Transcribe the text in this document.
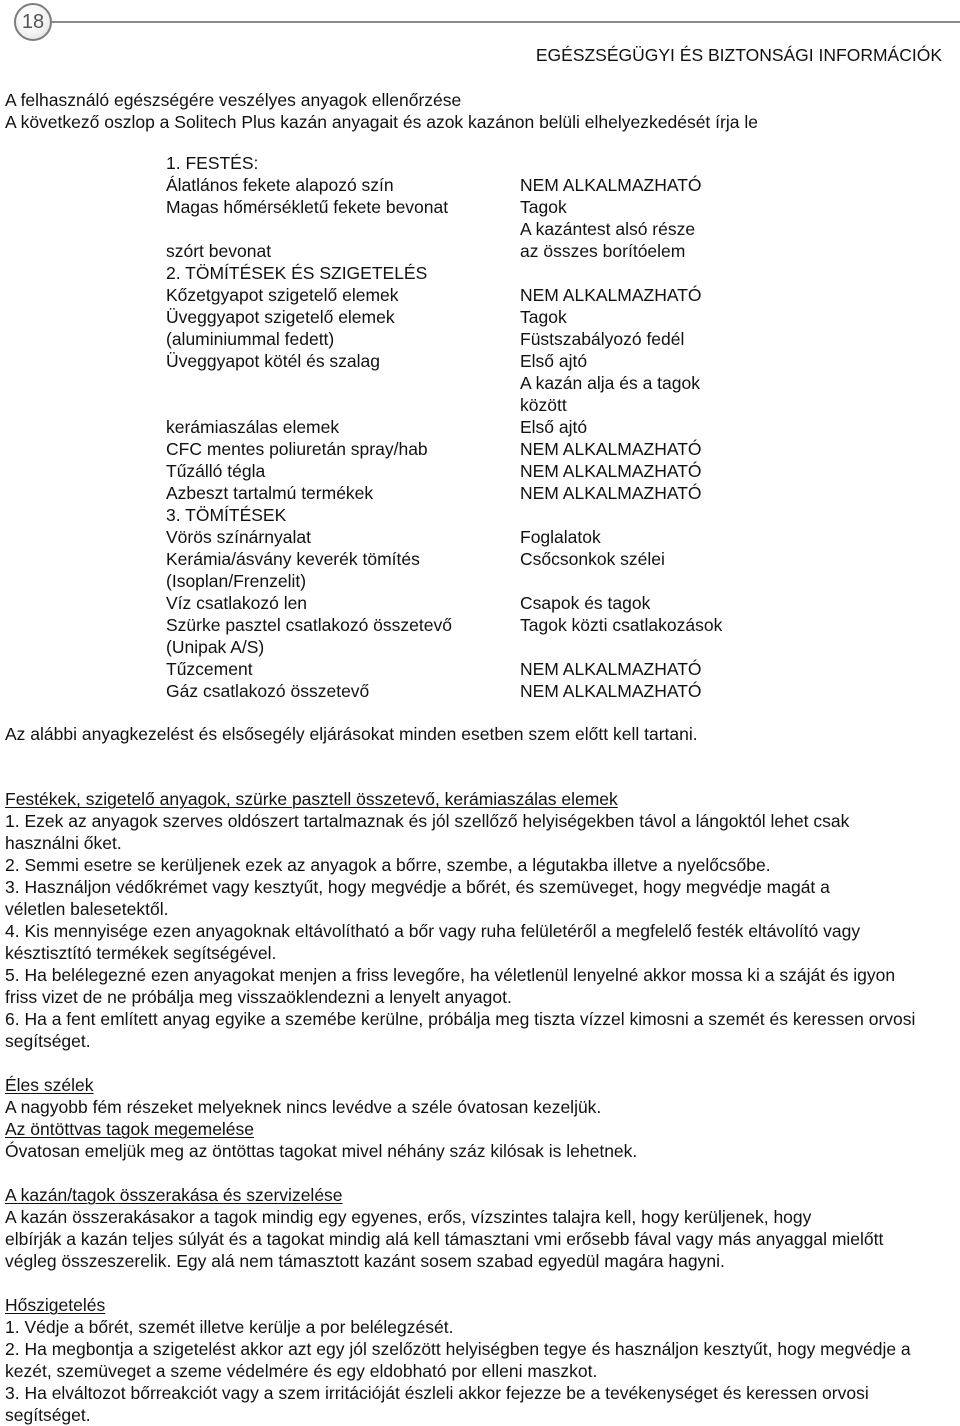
18
EGÉSZSÉGÜGYI ÉS BIZTONSÁGI INFORMÁCIÓK
A felhasználó egészségére veszélyes anyagok ellenőrzése
A következő oszlop a Solitech Plus kazán anyagait és azok kazánon belüli elhelyezkedését írja le
1. FESTÉS:
Álatlános fekete alapozó szín	NEM ALKALMAZHATÓ
Magas hőmérsékletű fekete bevonat	Tagok
A kazántest alsó része
szórt bevonat	az összes borítóelem
2. TÖMÍTÉSEK ÉS SZIGETELÉS
Kőzetgyapot szigetelő elemek	NEM ALKALMAZHATÓ
Üveggyapot szigetelő elemek	Tagok
(aluminiummal fedett)	Füstszabályozó fedél
Üveggyapot kötél és szalag	Első ajtó
A kazán alja és a tagok
között
kerámiaszálas elemek	Első ajtó
CFC mentes poliuretán spray/hab	NEM ALKALMAZHATÓ
Tűzálló tégla	NEM ALKALMAZHATÓ
Azbeszt tartalmú termékek	NEM ALKALMAZHATÓ
3. TÖMÍTÉSEK
Vörös színárnyalat	Foglalatok
Kerámia/ásvány keverék tömítés	Csőcsonkok szélei
(Isoplan/Frenzelit)
Víz csatlakozó len	Csapok és tagok
Szürke pasztel csatlakozó összetevő	Tagok közti csatlakozások
(Unipak A/S)
Tűzcement	NEM ALKALMAZHATÓ
Gáz csatlakozó összetevő	NEM ALKALMAZHATÓ
Az alábbi anyagkezelést és elsősegély eljárásokat minden esetben szem előtt kell tartani.
Festékek, szigetelő anyagok, szürke pasztell összetevő, kerámiaszálas elemek
1. Ezek az anyagok szerves oldószert tartalmaznak és jól szellőző helyiségekben távol a lángoktól lehet csak
használni őket.
2. Semmi esetre se kerüljenek ezek az anyagok a bőrre, szembe, a légutakba illetve a nyelőcsőbe.
3. Használjon védőkrémet vagy kesztyűt, hogy megvédje a bőrét, és szemüveget, hogy megvédje magát a
véletlen balesetektől.
4. Kis mennyisége ezen anyagoknak eltávolítható a bőr vagy ruha felületéről a megfelelő festék eltávolító vagy
késztisztító termékek segítségével.
5. Ha belélegezné ezen anyagokat menjen a friss levegőre, ha véletlenül lenyelné akkor mossa ki a száját és igyon
friss vizet de ne próbálja meg visszaöklendezni a lenyelt anyagot.
6. Ha a fent említett anyag egyike a szemébe kerülne, próbálja meg tiszta vízzel kimosni a szemét és keressen orvosi
segítséget.
Éles szélek
A nagyobb fém részeket melyeknek nincs levédve a széle óvatosan kezeljük.
Az öntöttvas tagok megemelése
Óvatosan emeljük meg az öntöttas tagokat mivel néhány száz kilósak is lehetnek.
A kazán/tagok összerakása és szervizelése
A kazán összerakásakor a tagok mindig egy egyenes, erős, vízszintes talajra kell, hogy kerüljenek, hogy
elbírják a kazán teljes súlyát és a tagokat mindig alá kell támasztani vmi erősebb fával vagy más anyaggal mielőtt
végleg összeszerelik. Egy alá nem támasztott kazánt sosem szabad egyedül magára hagyni.
Hőszigetelés
1. Védje a bőrét, szemét illetve kerülje a por belélegzését.
2. Ha megbontja a szigetelést akkor azt egy jól szelőzött helyiségben tegye és használjon kesztyűt, hogy megvédje a
kezét, szemüveget a szeme védelmére és egy eldobható por elleni maszkot.
3. Ha elváltozot bőrreakciót vagy a szem irritációját észleli akkor fejezze be a tevékenységet és keressen orvosi
segítséget.
